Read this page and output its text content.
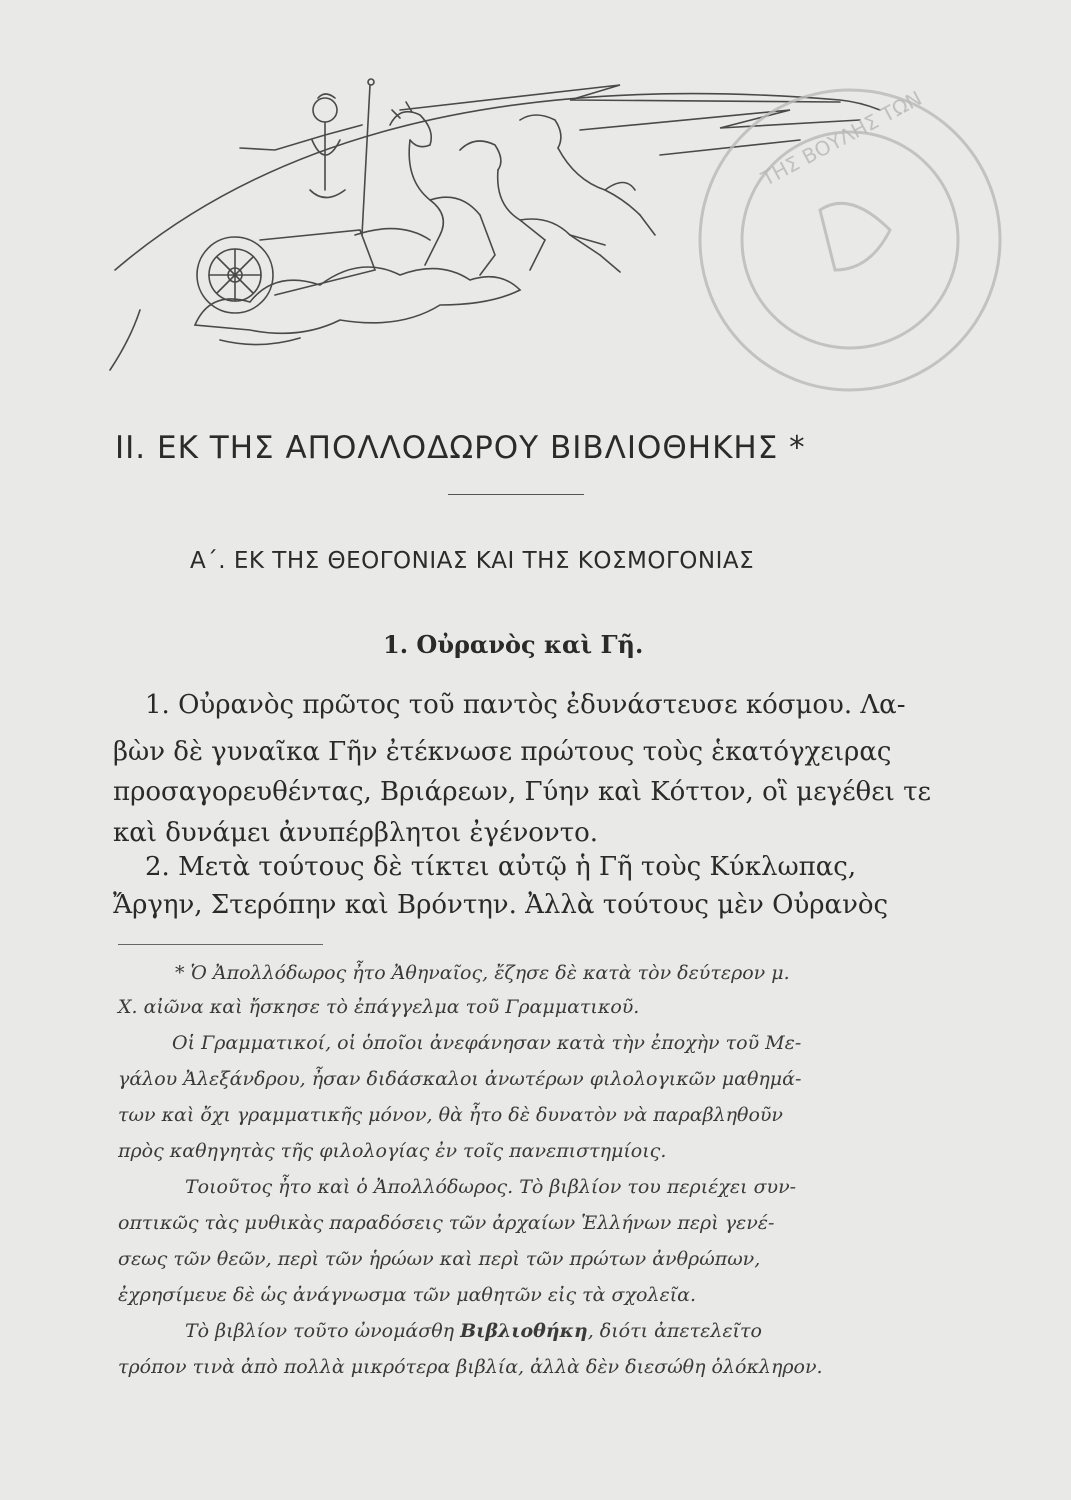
ΤΗΣ ΒΟΥΛΗΣ ΤΩΝ
II. ΕΚ ΤΗΣ ΑΠΟΛΛΟΔΩΡΟΥ ΒΙΒΛΙΟΘΗΚΗΣ *
Α΄. ΕΚ ΤΗΣ ΘΕΟΓΟΝΙΑΣ ΚΑΙ ΤΗΣ ΚΟΣΜΟΓΟΝΙΑΣ
1. Οὐρανὸς καὶ Γῆ.
1. Οὐρανὸς πρῶτος τοῦ παντὸς ἐδυνάστευσε κόσμου. Λα-
βὼν δὲ γυναῖκα Γῆν ἐτέκνωσε πρώτους τοὺς ἑκατόγχειρας
προσαγορευθέντας, Βριάρεων, Γύην καὶ Κόττον, οἳ μεγέθει τε
καὶ δυνάμει ἀνυπέρβλητοι ἐγένοντο.
2. Μετὰ τούτους δὲ τίκτει αὐτῷ ἡ Γῆ τοὺς Κύκλωπας,
Ἄργην, Στερόπην καὶ Βρόντην. Ἀλλὰ τούτους μὲν Οὐρανὸς
* Ὁ Ἀπολλόδωρος ἦτο Ἀθηναῖος, ἔζησε δὲ κατὰ τὸν δεύτερον μ.
Χ. αἰῶνα καὶ ἤσκησε τὸ ἐπάγγελμα τοῦ Γραμματικοῦ.
Οἱ Γραμματικοί, οἱ ὁποῖοι ἀνεφάνησαν κατὰ τὴν ἐποχὴν τοῦ Με-
γάλου Ἀλεξάνδρου, ἦσαν διδάσκαλοι ἀνωτέρων φιλολογικῶν μαθημά-
των καὶ ὄχι γραμματικῆς μόνον, θὰ ἦτο δὲ δυνατὸν νὰ παραβληθοῦν
πρὸς καθηγητὰς τῆς φιλολογίας ἐν τοῖς πανεπιστημίοις.
Τοιοῦτος ἦτο καὶ ὁ Ἀπολλόδωρος. Τὸ βιβλίον του περιέχει συν-
οπτικῶς τὰς μυθικὰς παραδόσεις τῶν ἀρχαίων Ἑλλήνων περὶ γενέ-
σεως τῶν θεῶν, περὶ τῶν ἡρώων καὶ περὶ τῶν πρώτων ἀνθρώπων,
ἐχρησίμευε δὲ ὡς ἀνάγνωσμα τῶν μαθητῶν εἰς τὰ σχολεῖα.
Τὸ βιβλίον τοῦτο ὠνομάσθη Βιβλιοθήκη, διότι ἀπετελεῖτο
τρόπον τινὰ ἀπὸ πολλὰ μικρότερα βιβλία, ἀλλὰ δὲν διεσώθη ὁλόκληρον.
